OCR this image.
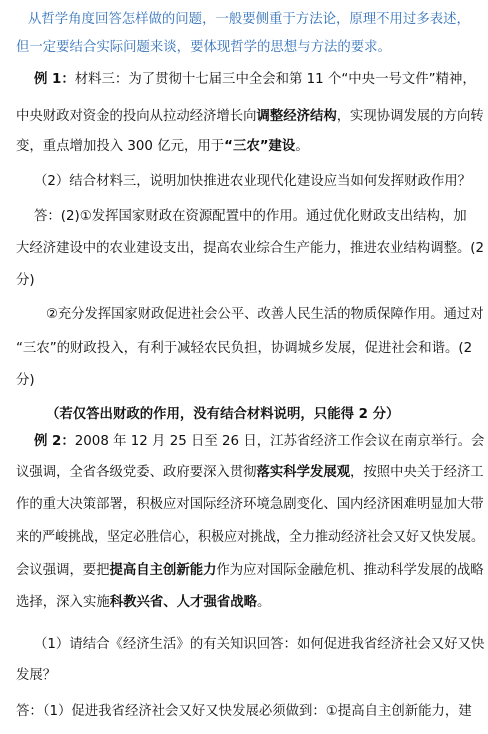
从哲学角度回答怎样做的问题，一般要侧重于方法论，原理不用过多表述，
但一定要结合实际问题来谈，要体现哲学的思想与方法的要求。
例 1：材料三：为了贯彻十七届三中全会和第 11 个“中央一号文件”精神，
中央财政对资金的投向从拉动经济增长向调整经济结构，实现协调发展的方向转
变，重点增加投入 300 亿元，用于“三农”建设。
（2）结合材料三，说明加快推进农业现代化建设应当如何发挥财政作用？
答：(2)①发挥国家财政在资源配置中的作用。通过优化财政支出结构，加
大经济建设中的农业建设支出，提高农业综合生产能力，推进农业结构调整。(2
分)
②充分发挥国家财政促进社会公平、改善人民生活的物质保障作用。通过对
“三农”的财政投入，有利于减轻农民负担，协调城乡发展，促进社会和谐。(2
分)
（若仅答出财政的作用，没有结合材料说明，只能得 2 分）
例 2：2008 年 12 月 25 日至 26 日，江苏省经济工作会议在南京举行。会
议强调，全省各级党委、政府要深入贯彻落实科学发展观，按照中央关于经济工
作的重大决策部署，积极应对国际经济环境急剧变化、国内经济困难明显加大带
来的严峻挑战，坚定必胜信心，积极应对挑战，全力推动经济社会又好又快发展。
会议强调，要把提高自主创新能力作为应对国际金融危机、推动科学发展的战略
选择，深入实施科教兴省、人才强省战略。
（1）请结合《经济生活》的有关知识回答：如何促进我省经济社会又好又快
发展？
答：（1）促进我省经济社会又好又快发展必须做到：①提高自主创新能力，建
